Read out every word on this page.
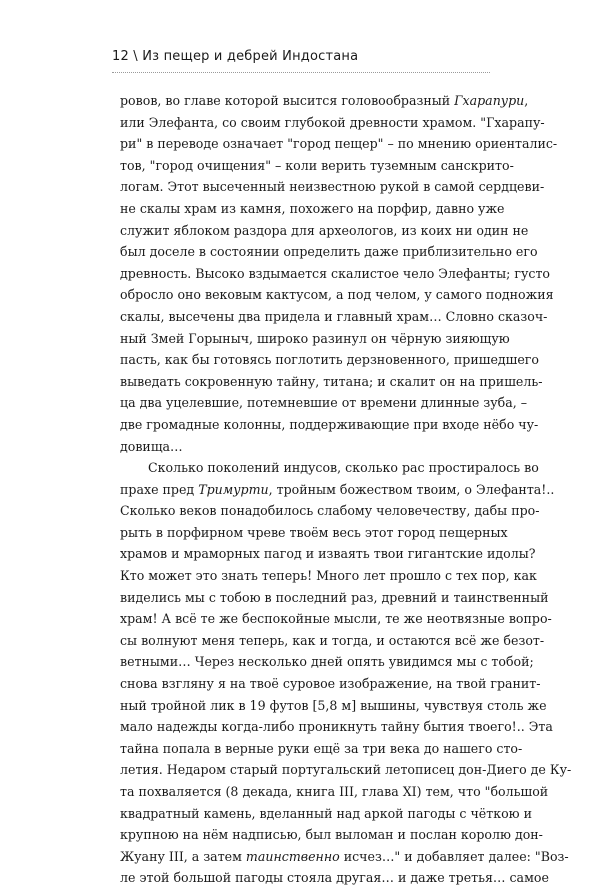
12 \ Из пещер и дебрей Индостана
ровов, во главе которой высится головообразный Гхарапури,
или Элефанта, со своим глубокой древности храмом. "Гхарапу-
ри" в переводе означает "город пещер" – по мнению ориенталис-
тов, "город очищения" – коли верить туземным санскрито-
логам. Этот высеченный неизвестною рукой в самой сердцеви-
не скалы храм из камня, похожего на порфир, давно уже
служит яблоком раздора для археологов, из коих ни один не
был доселе в состоянии определить даже приблизительно его
древность. Высоко вздымается скалистое чело Элефанты; густо
обросло оно вековым кактусом, а под челом, у самого подножия
скалы, высечены два придела и главный храм… Словно сказоч-
ный Змей Горыныч, широко разинул он чёрную зияющую
пасть, как бы готовясь поглотить дерзновенного, пришедшего
выведать сокровенную тайну, титана; и скалит он на пришель-
ца два уцелевшие, потемневшие от времени длинные зуба, –
две громадные колонны, поддерживающие при входе нёбо чу-
довища…
Сколько поколений индусов, сколько рас простиралось во
прахе пред Тримурти, тройным божеством твоим, о Элефанта!..
Сколько веков понадобилось слабому человечеству, дабы про-
рыть в порфирном чреве твоём весь этот город пещерных
храмов и мраморных пагод и изваять твои гигантские идолы?
Кто может это знать теперь! Много лет прошло с тех пор, как
виделись мы с тобою в последний раз, древний и таинственный
храм! А всё те же беспокойные мысли, те же неотвязные вопро-
сы волнуют меня теперь, как и тогда, и остаются всё же безот-
ветными… Через несколько дней опять увидимся мы с тобой;
снова взгляну я на твоё суровое изображение, на твой гранит-
ный тройной лик в 19 футов [5,8 м] вышины, чувствуя столь же
мало надежды когда-либо проникнуть тайну бытия твоего!.. Эта
тайна попала в верные руки ещё за три века до нашего сто-
летия. Недаром старый португальский летописец дон-Диего де Ку-
та похваляется (8 декада, книга III, глава XI) тем, что "большой
квадратный камень, вделанный над аркой пагоды с чёткою и
крупною на нём надписью, был выломан и послан королю дон-
Жуану III, а затем таинственно исчез…" и добавляет далее: "Воз-
ле этой большой пагоды стояла другая… и даже третья… самое
